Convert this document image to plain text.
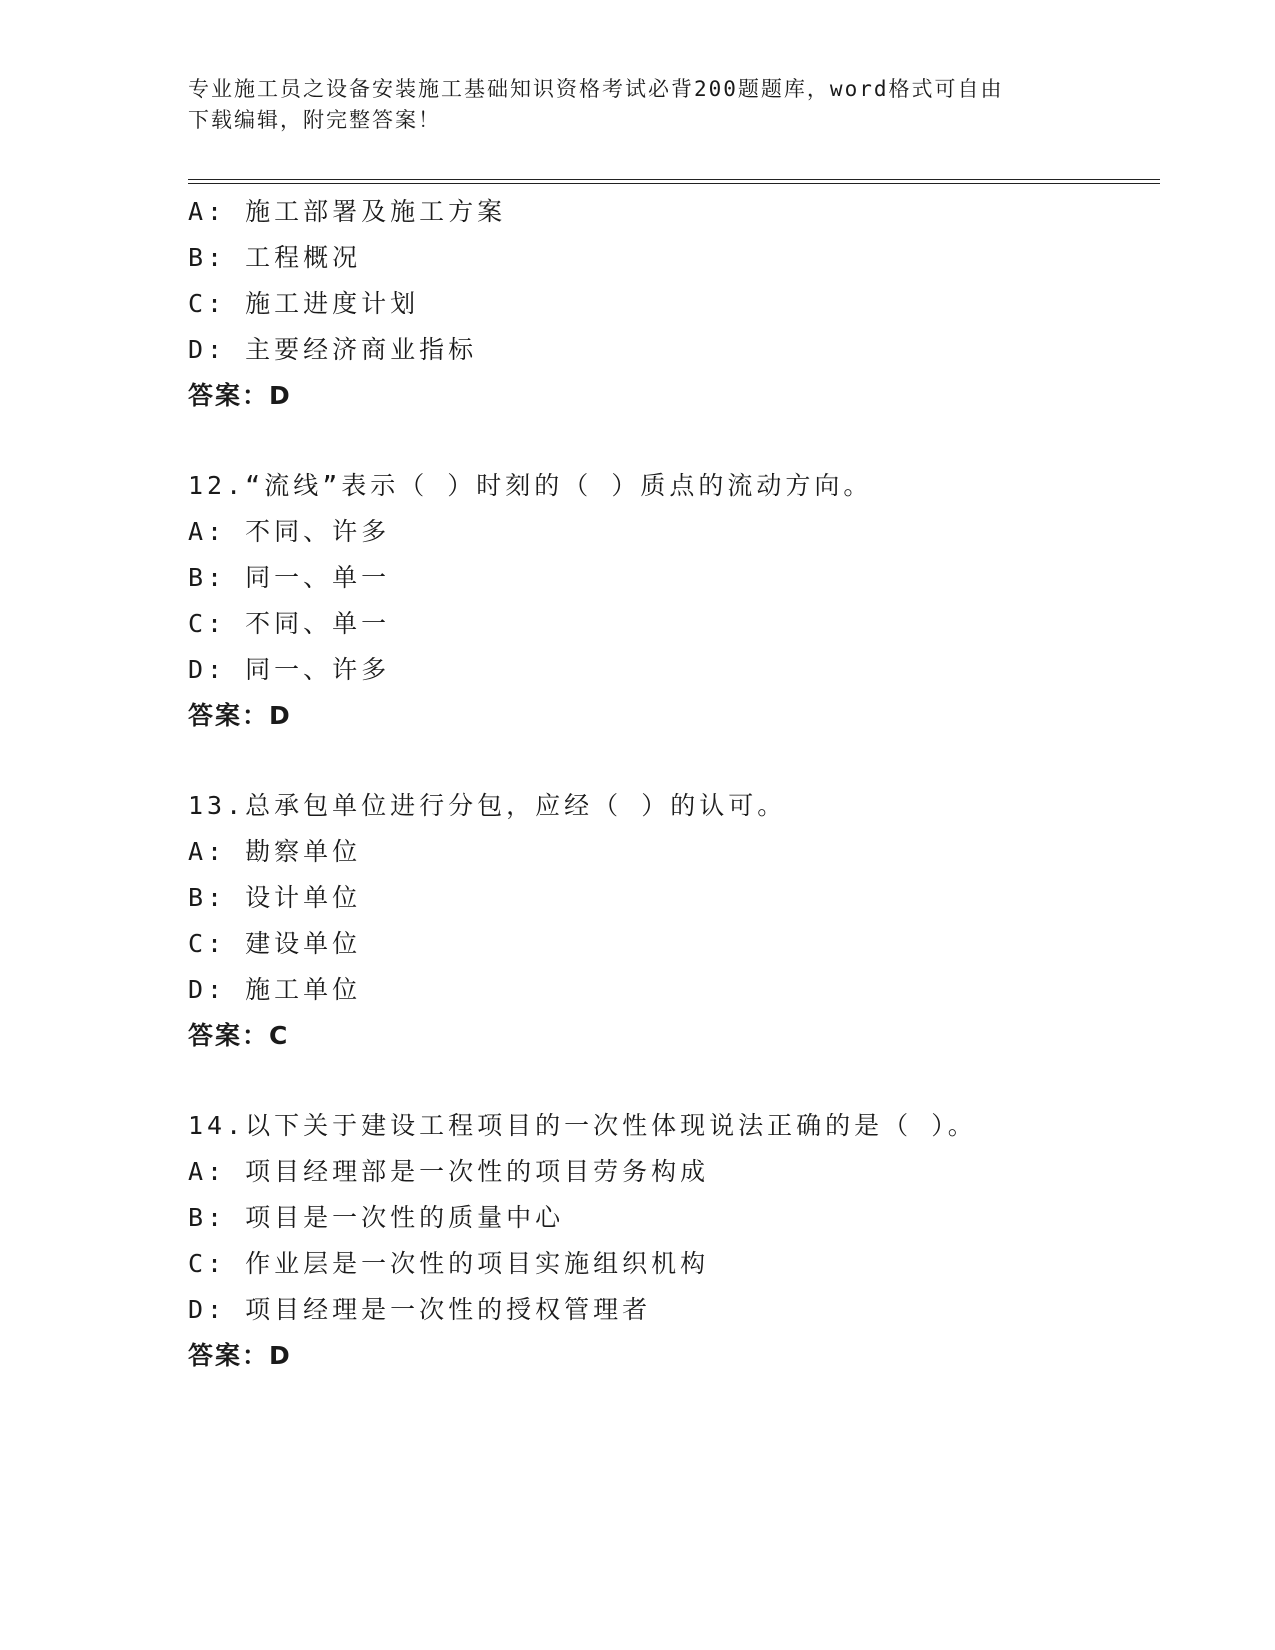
专业施工员之设备安装施工基础知识资格考试必背200题题库，word格式可自由
下载编辑，附完整答案！
A: 施工部署及施工方案
B: 工程概况
C: 施工进度计划
D: 主要经济商业指标
答案：D
12.“流线”表示（ ）时刻的（ ）质点的流动方向。
A: 不同、许多
B: 同一、单一
C: 不同、单一
D: 同一、许多
答案：D
13.总承包单位进行分包，应经（ ）的认可。
A: 勘察单位
B: 设计单位
C: 建设单位
D: 施工单位
答案：C
14.以下关于建设工程项目的一次性体现说法正确的是（ ）。
A: 项目经理部是一次性的项目劳务构成
B: 项目是一次性的质量中心
C: 作业层是一次性的项目实施组织机构
D: 项目经理是一次性的授权管理者
答案：D
